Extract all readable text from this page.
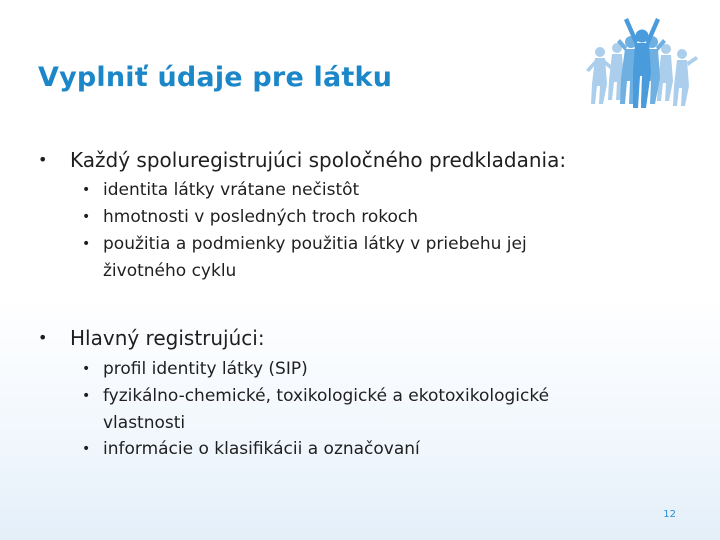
Vyplniť údaje pre látku
• Každý spoluregistrujúci spoločného predkladania:
• identita látky vrátane nečistôt
• hmotnosti v posledných troch rokoch
• použitia a podmienky použitia látky v priebehu jej
životného cyklu
• Hlavný registrujúci:
• profil identity látky (SIP)
• fyzikálno-chemické, toxikologické a ekotoxikologické
vlastnosti
• informácie o klasifikácii a označovaní
12
